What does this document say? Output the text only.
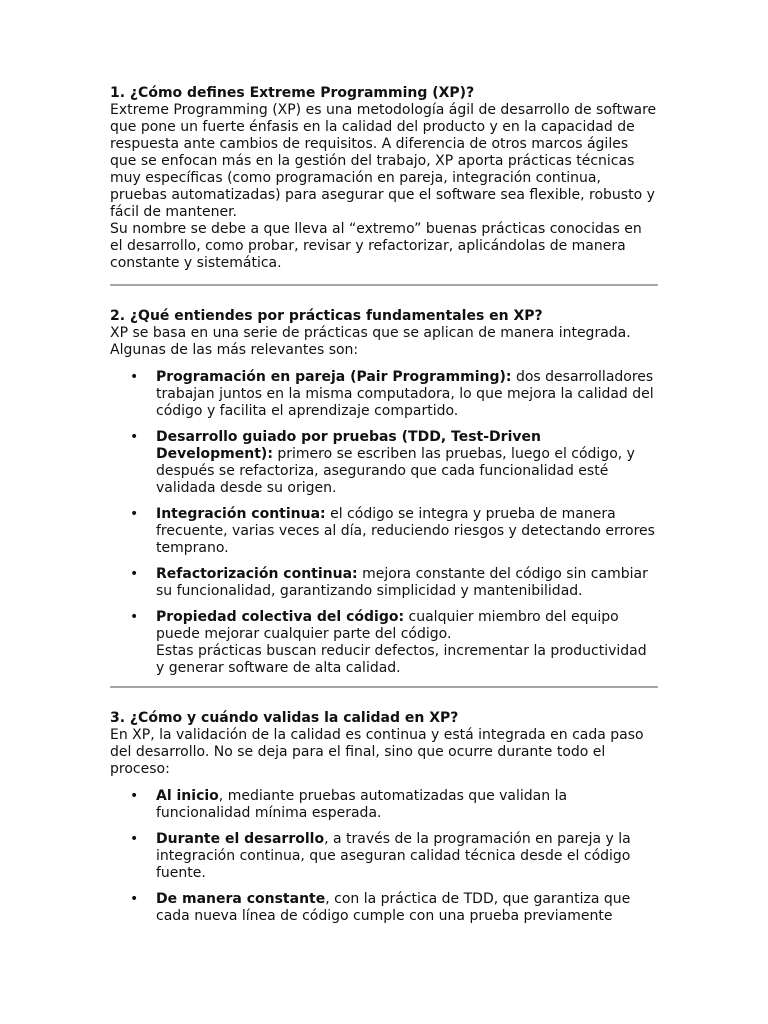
1. ¿Cómo defines Extreme Programming (XP)?

Extreme Programming (XP) es una metodología ágil de desarrollo de software que pone un fuerte énfasis en la calidad del producto y en la capacidad de respuesta ante cambios de requisitos. A diferencia de otros marcos ágiles que se enfocan más en la gestión del trabajo, XP aporta prácticas técnicas muy específicas (como programación en pareja, integración continua, pruebas automatizadas) para asegurar que el software sea flexible, robusto y fácil de mantener.

Su nombre se debe a que lleva al “extremo” buenas prácticas conocidas en el desarrollo, como probar, revisar y refactorizar, aplicándolas de manera constante y sistemática.

2. ¿Qué entiendes por prácticas fundamentales en XP?

XP se basa en una serie de prácticas que se aplican de manera integrada. Algunas de las más relevantes son:

• Programación en pareja (Pair Programming): dos desarrolladores trabajan juntos en la misma computadora, lo que mejora la calidad del código y facilita el aprendizaje compartido.
• Desarrollo guiado por pruebas (TDD, Test-Driven Development): primero se escriben las pruebas, luego el código, y después se refactoriza, asegurando que cada funcionalidad esté validada desde su origen.
• Integración continua: el código se integra y prueba de manera frecuente, varias veces al día, reduciendo riesgos y detectando errores temprano.
• Refactorización continua: mejora constante del código sin cambiar su funcionalidad, garantizando simplicidad y mantenibilidad.
• Propiedad colectiva del código: cualquier miembro del equipo puede mejorar cualquier parte del código.
Estas prácticas buscan reducir defectos, incrementar la productividad y generar software de alta calidad.
3. ¿Cómo y cuándo validas la calidad en XP?

En XP, la validación de la calidad es continua y está integrada en cada paso del desarrollo. No se deja para el final, sino que ocurre durante todo el proceso:

• Al inicio, mediante pruebas automatizadas que validan la funcionalidad mínima esperada.
• Durante el desarrollo, a través de la programación en pareja y la integración continua, que aseguran calidad técnica desde el código fuente.
• De manera constante, con la práctica de TDD, que garantiza que cada nueva línea de código cumple con una prueba previamente
